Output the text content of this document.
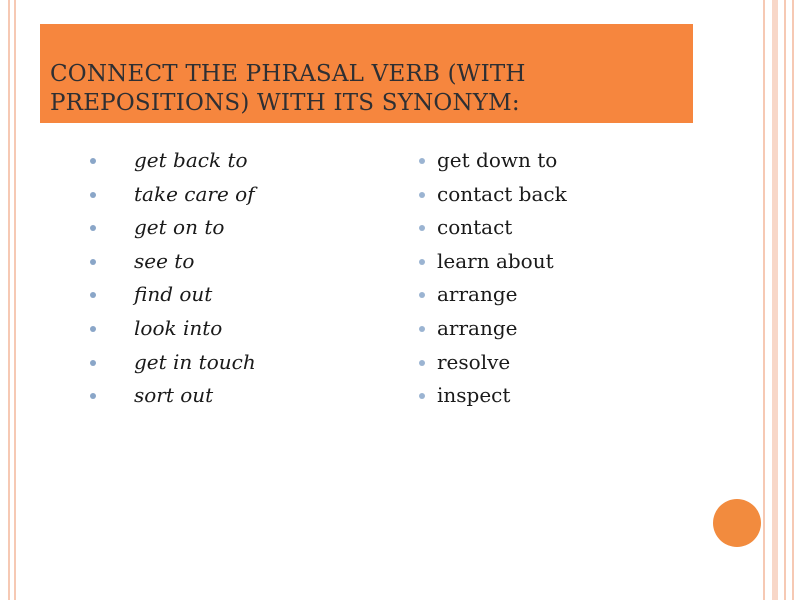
CONNECT THE PHRASAL VERB (WITH PREPOSITIONS) WITH ITS SYNONYM:
get back to
take care of
get on to
see to
find out
look into
get in touch
sort out
get down to
contact back
contact
learn about
arrange
arrange
resolve
inspect
